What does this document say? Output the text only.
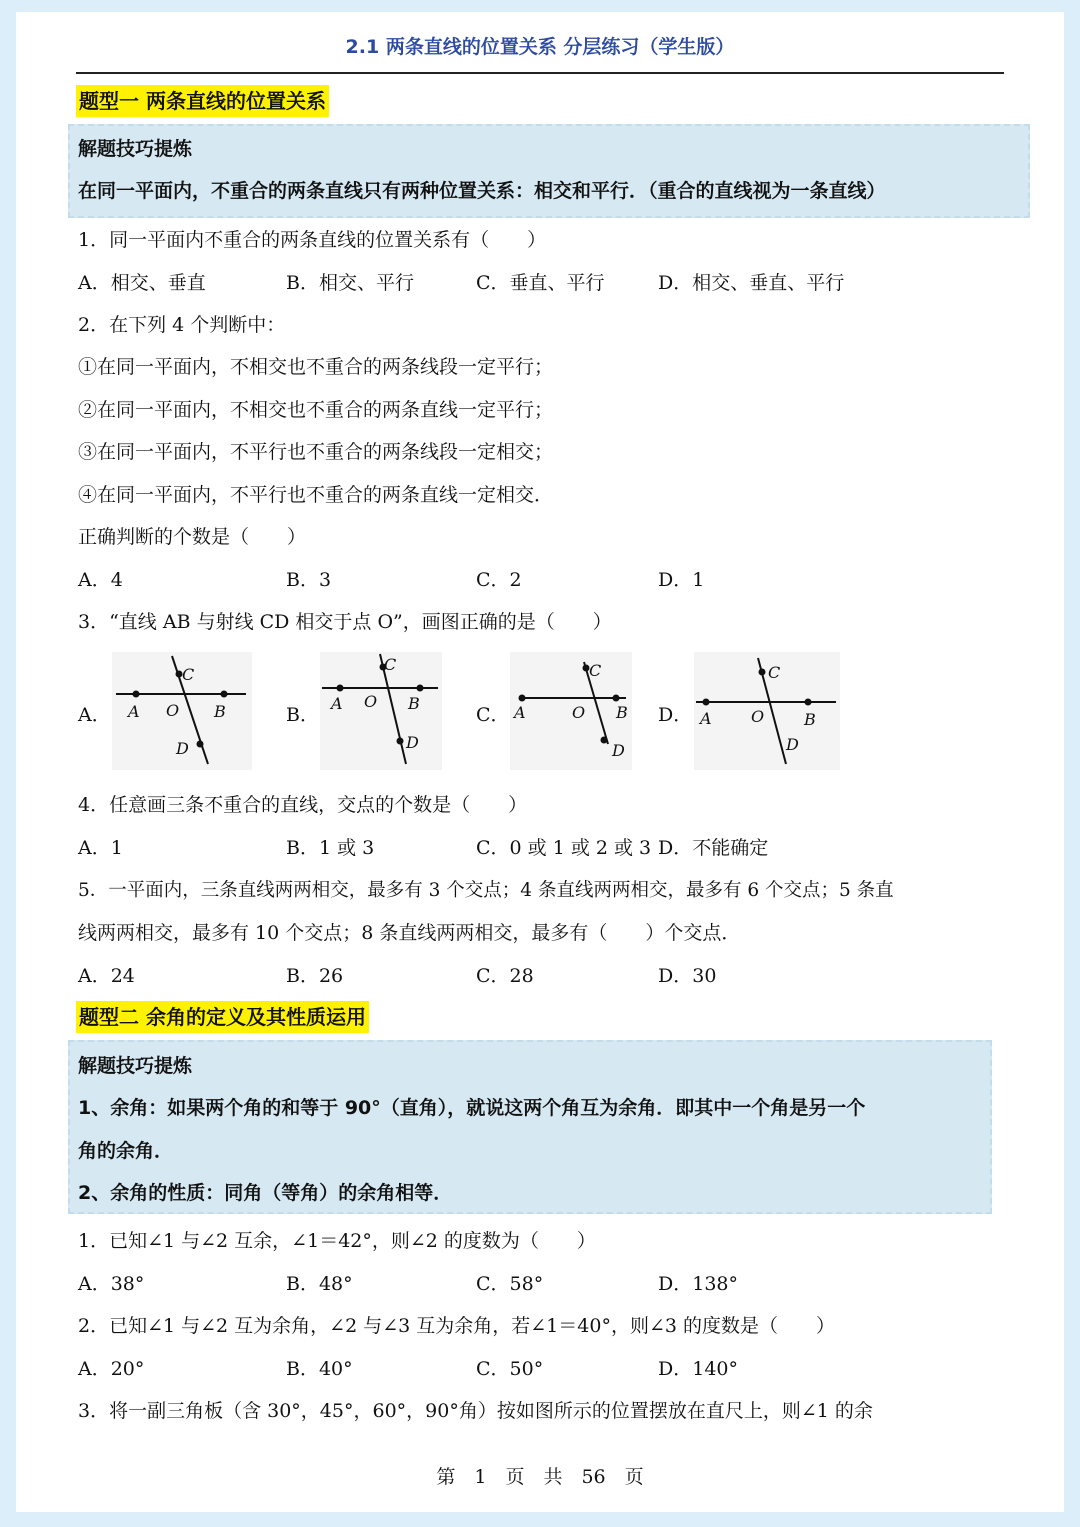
2.1 两条直线的位置关系 分层练习（学生版）
题型一 两条直线的位置关系
解题技巧提炼
在同一平面内，不重合的两条直线只有两种位置关系：相交和平行．（重合的直线视为一条直线）
1．同一平面内不重合的两条直线的位置关系有（　　）
A．相交、垂直	B．相交、平行	C．垂直、平行	D．相交、垂直、平行
2．在下列 4 个判断中：
①在同一平面内，不相交也不重合的两条线段一定平行；
②在同一平面内，不相交也不重合的两条直线一定平行；
③在同一平面内，不平行也不重合的两条线段一定相交；
④在同一平面内，不平行也不重合的两条直线一定相交．
正确判断的个数是（　　）
A．4	B．3	C．2	D．1
3．“直线 AB 与射线 CD 相交于点 O”，画图正确的是（　　）
A．	B．	C．	D．
A O B
C
D
A O B
C
D
A	O B
C
D
A O B
C
D
4．任意画三条不重合的直线，交点的个数是（　　）
A．1	B．1 或 3	C．0 或 1 或 2 或 3 D．不能确定
5．一平面内，三条直线两两相交，最多有 3 个交点；4 条直线两两相交，最多有 6 个交点；5 条直
线两两相交，最多有 10 个交点；8 条直线两两相交，最多有（　　）个交点．
A．24	B．26	C．28	D．30
题型二 余角的定义及其性质运用
解题技巧提炼
1、余角：如果两个角的和等于 90°（直角），就说这两个角互为余角．即其中一个角是另一个
角的余角．
2、余角的性质：同角（等角）的余角相等．
1．已知∠1 与∠2 互余，∠1＝42°，则∠2 的度数为（　　）
A．38°	B．48°	C．58°	D．138°
2．已知∠1 与∠2 互为余角，∠2 与∠3 互为余角，若∠1＝40°，则∠3 的度数是（　　）
A．20°	B．40°	C．50°	D．140°
3．将一副三角板（含 30°，45°，60°，90°角）按如图所示的位置摆放在直尺上，则∠1 的余
第　1　页　共　56　页
